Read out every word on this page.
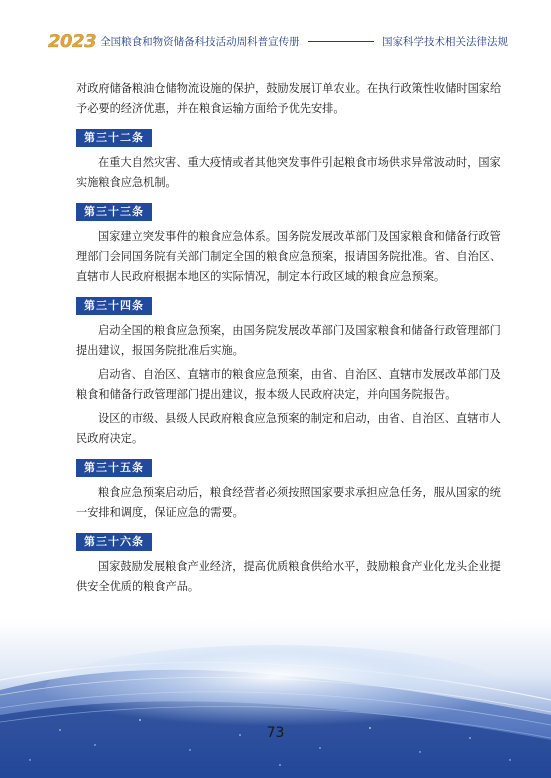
2023 全国粮食和物资储备科技活动周科普宣传册	国家科学技术相关法律法规

对政府储备粮油仓储物流设施的保护，鼓励发展订单农业。在执行政策性收储时国家给予必要的经济优惠，并在粮食运输方面给予优先安排。

第三十二条

在重大自然灾害、重大疫情或者其他突发事件引起粮食市场供求异常波动时，国家实施粮食应急机制。

第三十三条

国家建立突发事件的粮食应急体系。国务院发展改革部门及国家粮食和储备行政管理部门会同国务院有关部门制定全国的粮食应急预案，报请国务院批准。省、自治区、直辖市人民政府根据本地区的实际情况，制定本行政区域的粮食应急预案。

第三十四条

启动全国的粮食应急预案，由国务院发展改革部门及国家粮食和储备行政管理部门提出建议，报国务院批准后实施。

启动省、自治区、直辖市的粮食应急预案，由省、自治区、直辖市发展改革部门及粮食和储备行政管理部门提出建议，报本级人民政府决定，并向国务院报告。

设区的市级、县级人民政府粮食应急预案的制定和启动，由省、自治区、直辖市人民政府决定。

第三十五条

粮食应急预案启动后，粮食经营者必须按照国家要求承担应急任务，服从国家的统一安排和调度，保证应急的需要。

第三十六条

国家鼓励发展粮食产业经济，提高优质粮食供给水平，鼓励粮食产业化龙头企业提供安全优质的粮食产品。

73
